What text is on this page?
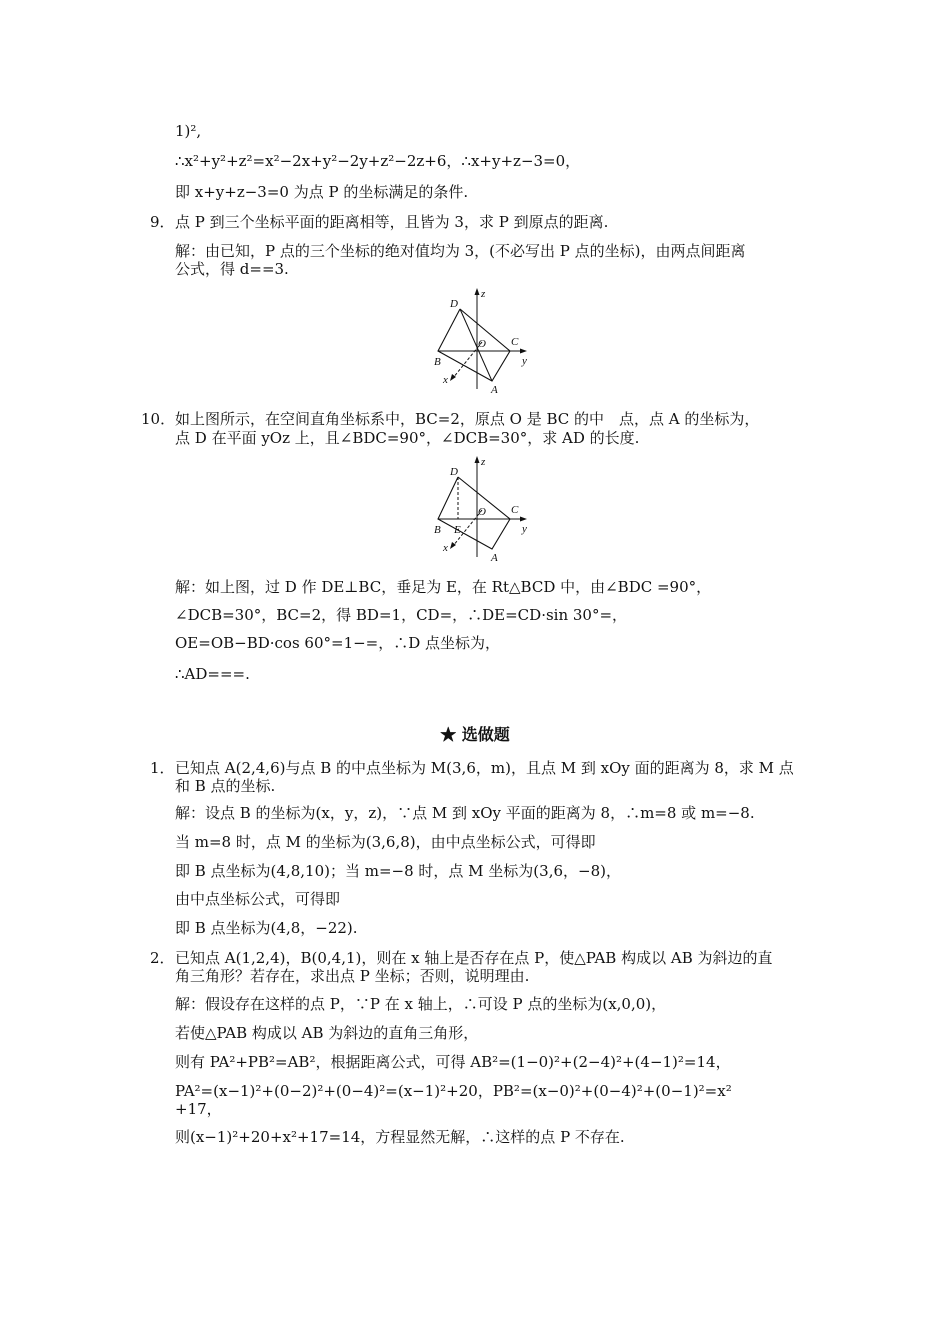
1)²,
∴x²+y²+z²=x²−2x+y²−2y+z²−2z+6，∴x+y+z−3=0，
即 x+y+z−3=0 为点 P 的坐标满足的条件.
9． 点 P 到三个坐标平面的距离相等，且皆为 3，求 P 到原点的距离.
解：由已知，P 点的三个坐标的绝对值均为 3，(不必写出 P 点的坐标)，由两点间距离
公式，得 d==3.
D
z
O C
B	y
x
A
10． 如上图所示，在空间直角坐标系中，BC=2，原点 O 是 BC 的中　点，点 A 的坐标为，
点 D 在平面 yOz 上，且∠BDC=90°，∠DCB=30°，求 AD 的长度.
D
z
O C
B E	y
x
A
解：如上图，过 D 作 DE⊥BC，垂足为 E，在 Rt△BCD 中，由∠BDC =90°，
∠DCB=30°，BC=2，得 BD=1，CD=，∴DE=CD·sin 30°=，
OE=OB−BD·cos 60°=1−=，∴D 点坐标为，
∴AD===.
★ 选做题
1． 已知点 A(2,4,6)与点 B 的中点坐标为 M(3,6，m)，且点 M 到 xOy 面的距离为 8，求 M 点
和 B 点的坐标.
解：设点 B 的坐标为(x，y，z)，∵点 M 到 xOy 平面的距离为 8，∴m=8 或 m=−8.
当 m=8 时，点 M 的坐标为(3,6,8)，由中点坐标公式，可得即
即 B 点坐标为(4,8,10)；当 m=−8 时，点 M 坐标为(3,6，−8)，
由中点坐标公式，可得即
即 B 点坐标为(4,8，−22).
2． 已知点 A(1,2,4)，B(0,4,1)，则在 x 轴上是否存在点 P，使△PAB 构成以 AB 为斜边的直
角三角形？若存在，求出点 P 坐标；否则，说明理由.
解：假设存在这样的点 P，∵P 在 x 轴上，∴可设 P 点的坐标为(x,0,0)，
若使△PAB 构成以 AB 为斜边的直角三角形，
则有 PA²+PB²=AB²，根据距离公式，可得 AB²=(1−0)²+(2−4)²+(4−1)²=14，
PA²=(x−1)²+(0−2)²+(0−4)²=(x−1)²+20，PB²=(x−0)²+(0−4)²+(0−1)²=x²
+17，
则(x−1)²+20+x²+17=14，方程显然无解，∴这样的点 P 不存在.
